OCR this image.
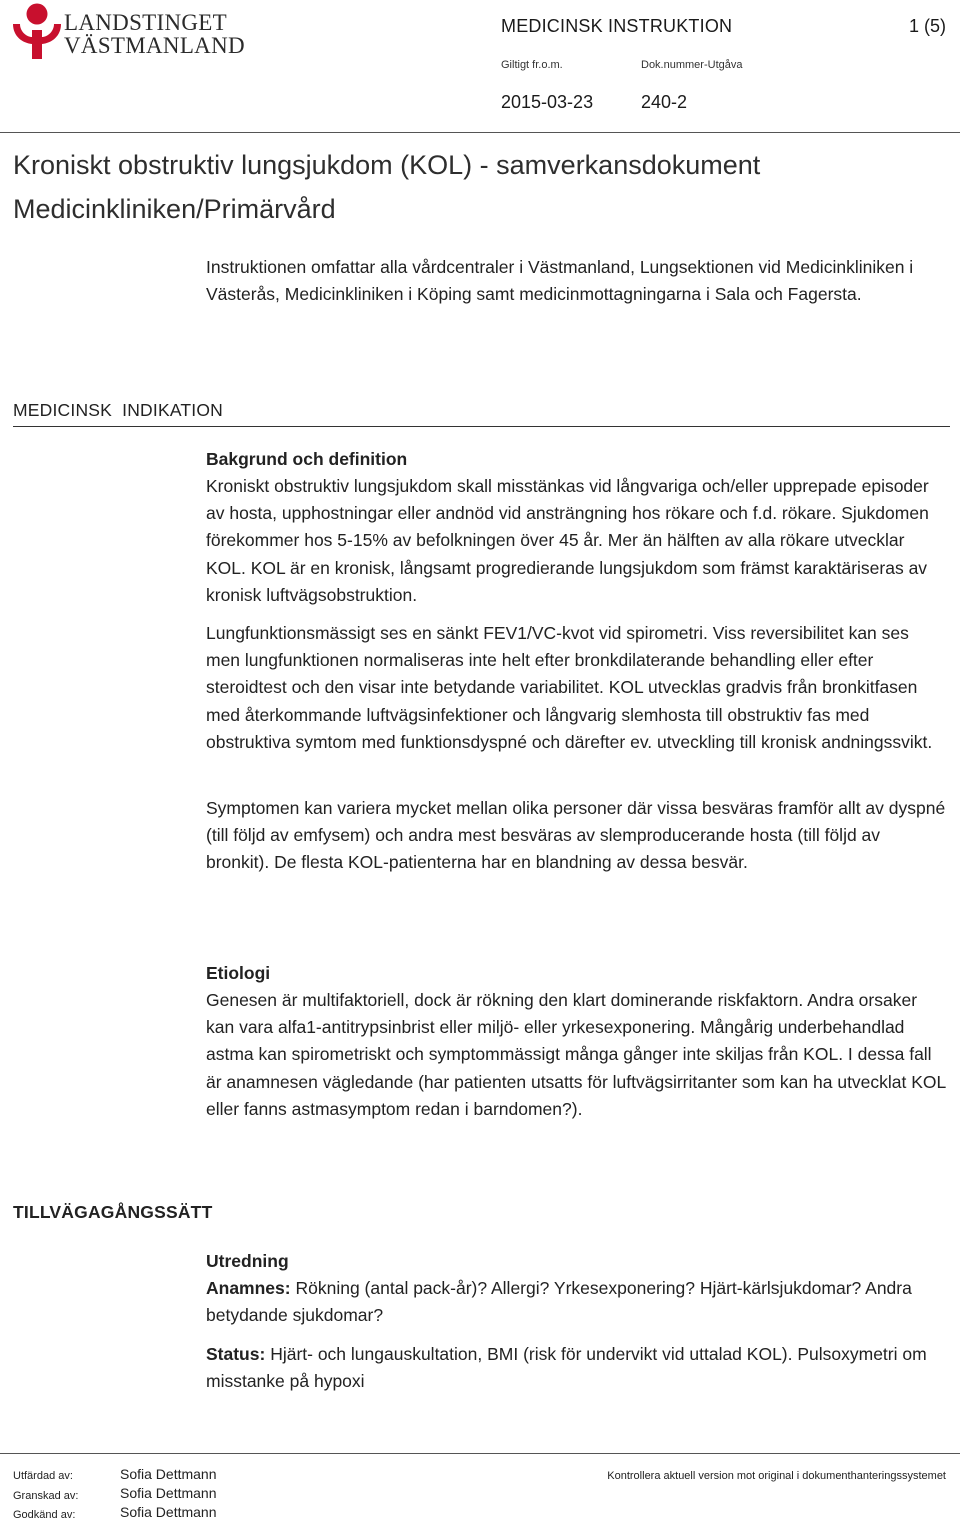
LANDSTINGET
VÄSTMANLAND
MEDICINSK INSTRUKTION	1 (5)
Giltigt fr.o.m.	Dok.nummer-Utgåva
2015-03-23	240-2
Kroniskt obstruktiv lungsjukdom (KOL) - samverkansdokument
Medicinkliniken/Primärvård

Instruktionen omfattar alla vårdcentraler i Västmanland, Lungsektionen vid Medicinkliniken i Västerås, Medicinkliniken i Köping samt medicinmottagningarna i Sala och Fagersta.

MEDICINSK  INDIKATION
Bakgrund och definition

Kroniskt obstruktiv lungsjukdom skall misstänkas vid långvariga och/eller upprepade episoder av hosta, upphostningar eller andnöd vid ansträngning hos rökare och f.d. rökare. Sjukdomen förekommer hos 5-15% av befolkningen över 45 år. Mer än hälften av alla rökare utvecklar KOL. KOL är en kronisk, långsamt progredierande lungsjukdom som främst karaktäriseras av kronisk luftvägsobstruktion.

Lungfunktionsmässigt ses en sänkt FEV1/VC-kvot vid spirometri. Viss reversibilitet kan ses men lungfunktionen normaliseras inte helt efter bronkdilaterande behandling eller efter steroidtest och den visar inte betydande variabilitet. KOL utvecklas gradvis från bronkitfasen med återkommande luftvägsinfektioner och långvarig slemhosta till obstruktiv fas med obstruktiva symtom med funktionsdyspné och därefter ev. utveckling till kronisk andningssvikt.

Symptomen kan variera mycket mellan olika personer där vissa besväras framför allt av dyspné (till följd av emfysem) och andra mest besväras av slemproducerande hosta (till följd av bronkit). De flesta KOL-patienterna har en blandning av dessa besvär.

Etiologi

Genesen är multifaktoriell, dock är rökning den klart dominerande riskfaktorn. Andra orsaker kan vara alfa1-antitrypsinbrist eller miljö- eller yrkesexponering. Mångårig underbehandlad astma kan spirometriskt och symptommässigt många gånger inte skiljas från KOL. I dessa fall är anamnesen vägledande (har patienten utsatts för luftvägsirritanter som kan ha utvecklat KOL eller fanns astmasymptom redan i barndomen?).

TILLVÄGAGÅNGSSÄTT
Utredning

Anamnes: Rökning (antal pack-år)? Allergi? Yrkesexponering? Hjärt-kärlsjukdomar? Andra betydande sjukdomar?

Status: Hjärt- och lungauskultation, BMI (risk för undervikt vid uttalad KOL). Pulsoxymetri om misstanke på hypoxi

Utfärdad av:	Sofia Dettmann
Granskad av:	Sofia Dettmann
Godkänd av:	Sofia Dettmann
Kontrollera aktuell version mot original i dokumenthanteringssystemet
